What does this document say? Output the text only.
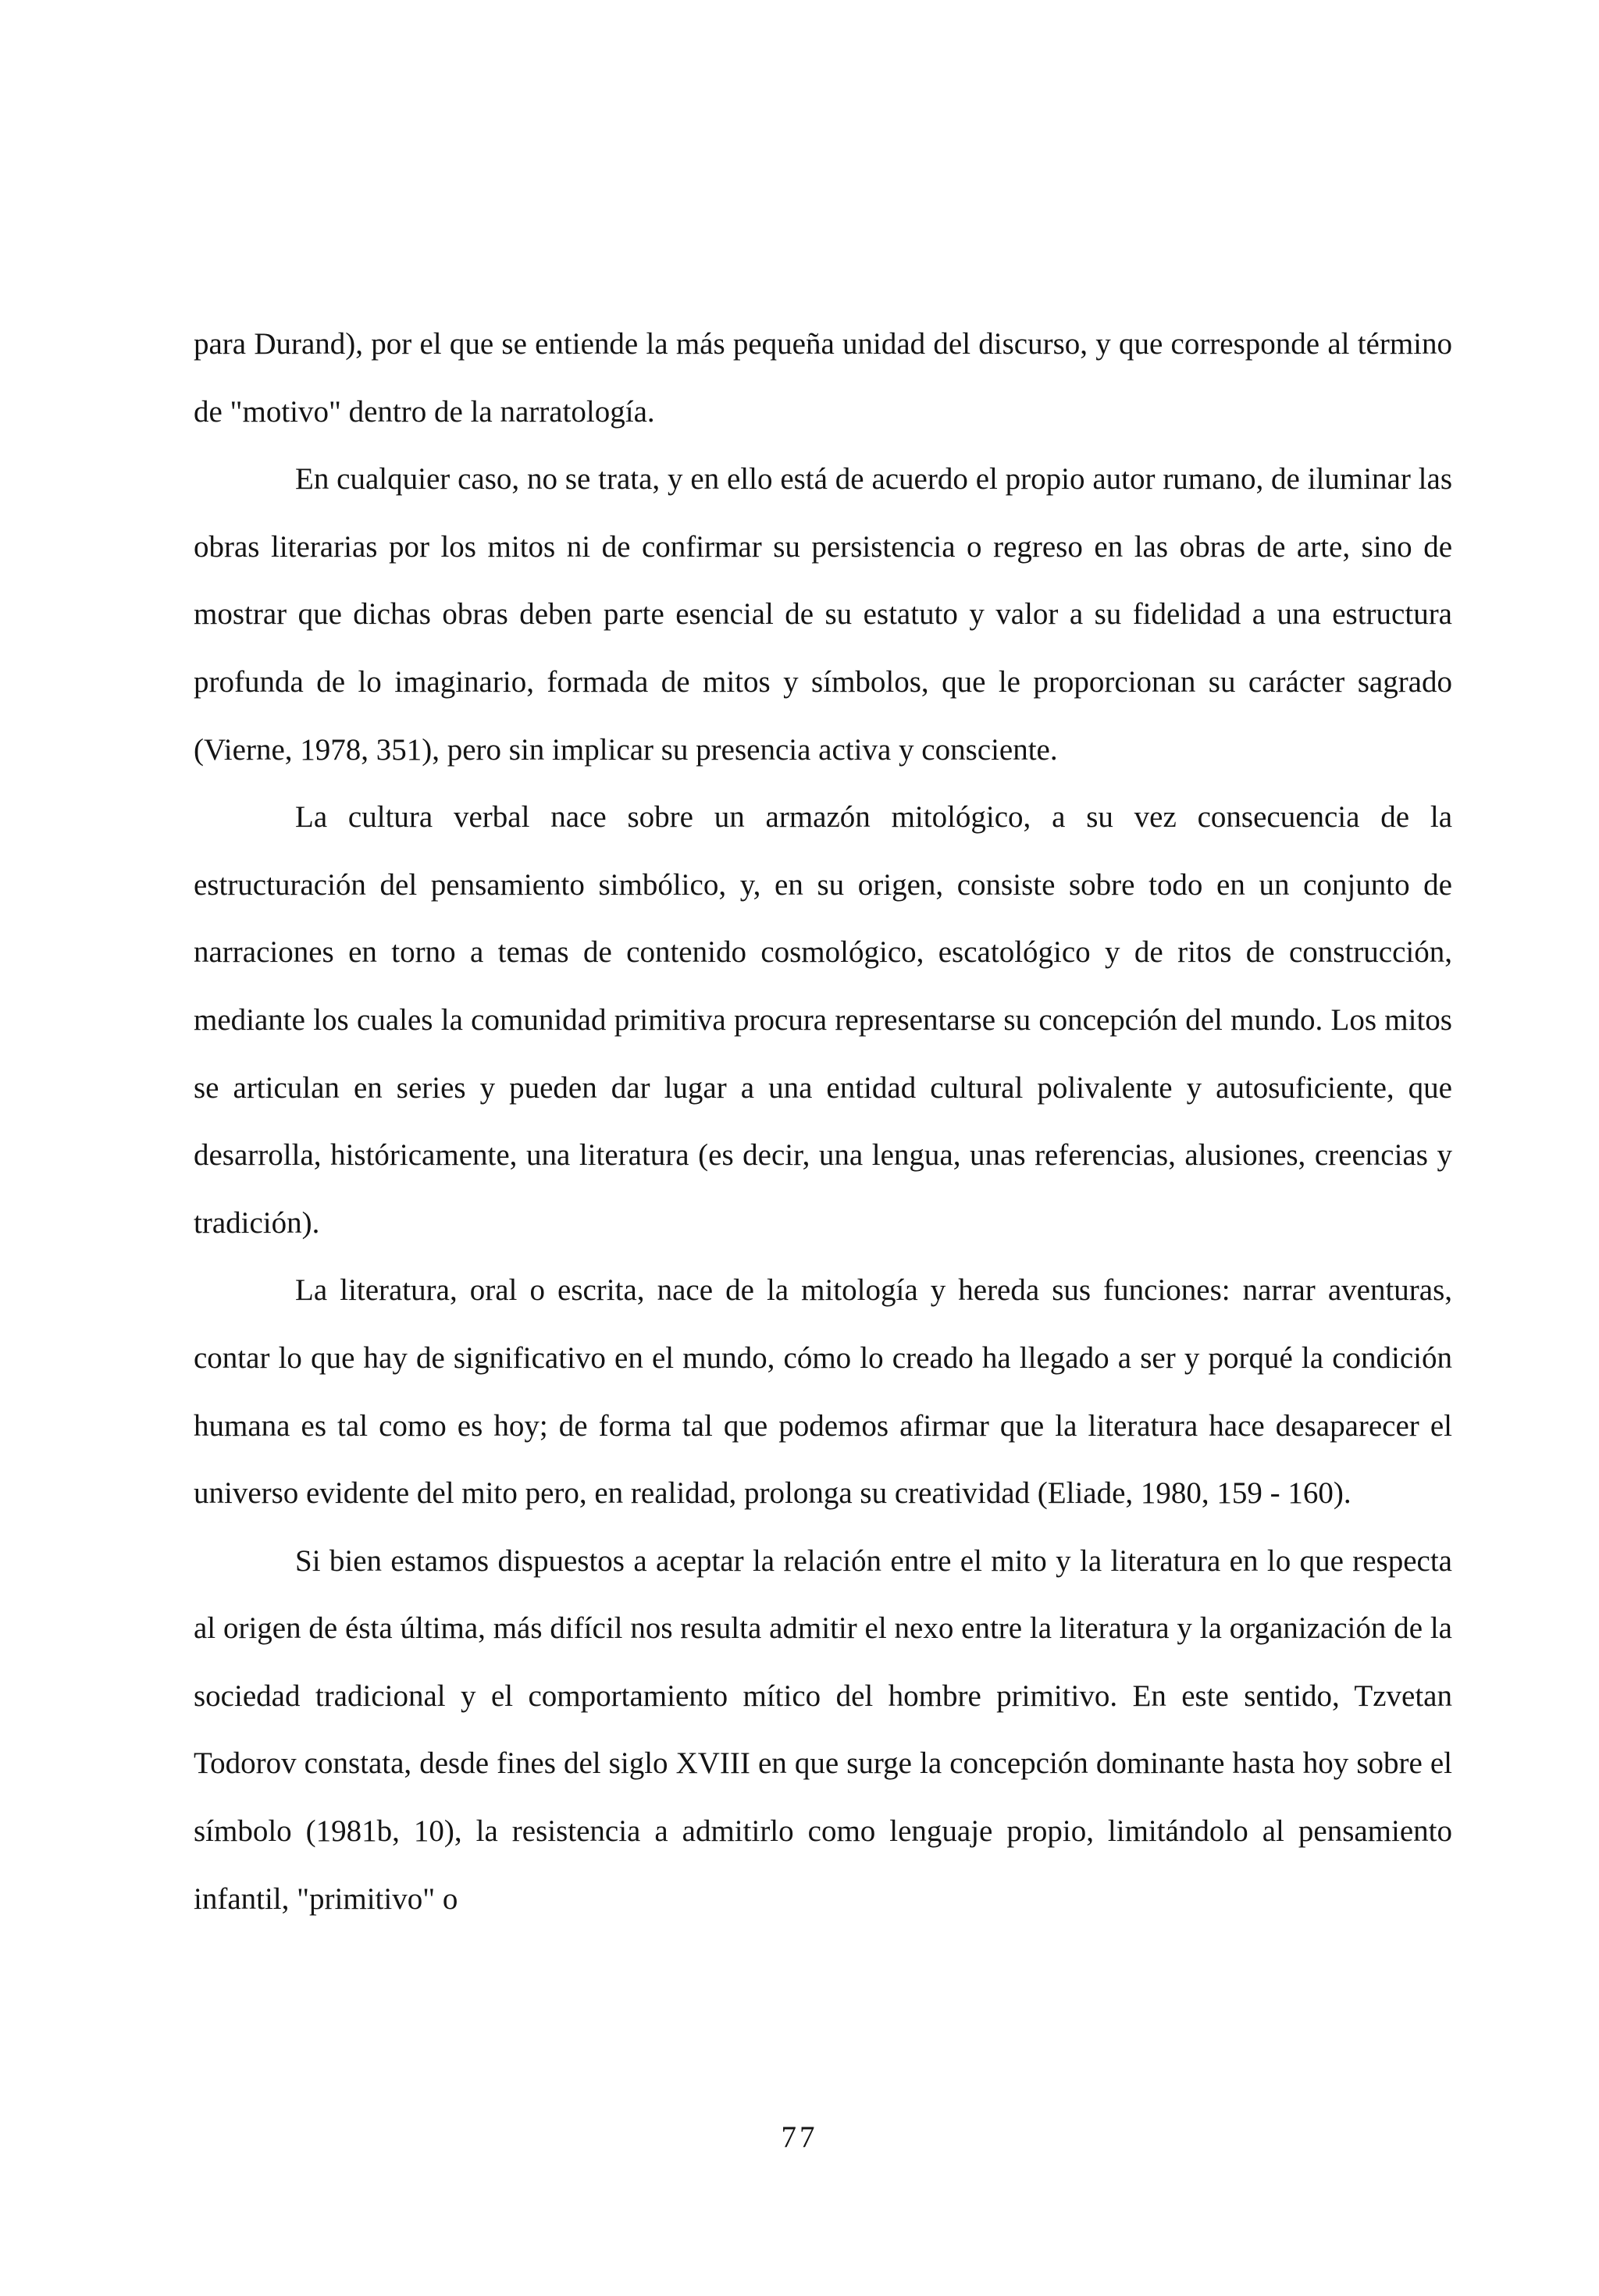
para Durand), por el que se entiende la más pequeña unidad del discurso, y que corresponde al término de "motivo" dentro de la narratología.

En cualquier caso, no se trata, y en ello está de acuerdo el propio autor rumano, de iluminar las obras literarias por los mitos ni de confirmar su persistencia o regreso en las obras de arte, sino de mostrar que dichas obras deben parte esencial de su estatuto y valor a su fidelidad a una estructura profunda de lo imaginario, formada de mitos y símbolos, que le proporcionan su carácter sagrado (Vierne, 1978, 351), pero sin implicar su presencia activa y consciente.

La cultura verbal nace sobre un armazón mitológico, a su vez consecuencia de la estructuración del pensamiento simbólico, y, en su origen, consiste sobre todo en un conjunto de narraciones en torno a temas de contenido cosmológico, escatológico y de ritos de construcción, mediante los cuales la comunidad primitiva procura representarse su concepción del mundo. Los mitos se articulan en series y pueden dar lugar a una entidad cultural polivalente y autosuficiente, que desarrolla, históricamente, una literatura (es decir, una lengua, unas referencias, alusiones, creencias y tradición).

La literatura, oral o escrita, nace de la mitología y hereda sus funciones: narrar aventuras, contar lo que hay de significativo en el mundo, cómo lo creado ha llegado a ser y porqué la condición humana es tal como es hoy; de forma tal que podemos afirmar que la literatura hace desaparecer el universo evidente del mito pero, en realidad, prolonga su creatividad (Eliade, 1980, 159 - 160).

Si bien estamos dispuestos a aceptar la relación entre el mito y la literatura en lo que respecta al origen de ésta última, más difícil nos resulta admitir el nexo entre la literatura y la organización de la sociedad tradicional y el comportamiento mítico del hombre primitivo. En este sentido, Tzvetan Todorov constata, desde fines del siglo XVIII en que surge la concepción dominante hasta hoy sobre el símbolo (1981b, 10), la resistencia a admitirlo como lenguaje propio, limitándolo al pensamiento infantil, "primitivo" o

77
